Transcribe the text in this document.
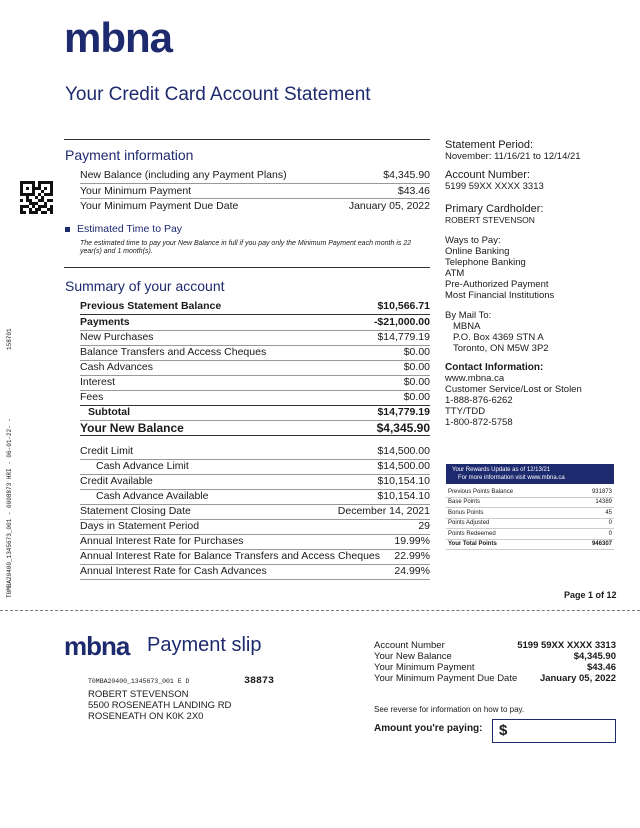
mbna
Your Credit Card Account Statement
T0MBA20400_1345673_001 - 0008873 HRI - 06-01-22- -
158701
Payment information
New Balance (including any Payment Plans)	$4,345.90
Your Minimum Payment	$43.46
Your Minimum Payment Due Date	January 05, 2022
Estimated Time to Pay
The estimated time to pay your New Balance in full if you pay only the Minimum Payment each month is 22 year(s) and 1 month(s).
Summary of your account
Previous Statement Balance	$10,566.71
Payments	-$21,000.00
New Purchases	$14,779.19
Balance Transfers and Access Cheques	$0.00
Cash Advances	$0.00
Interest	$0.00
Fees	$0.00
Subtotal	$14,779.19
Your New Balance	$4,345.90
Credit Limit	$14,500.00
Cash Advance Limit	$14,500.00
Credit Available	$10,154.10
Cash Advance Available	$10,154.10
Statement Closing Date	December 14, 2021
Days in Statement Period	29
Annual Interest Rate for Purchases	19.99%
Annual Interest Rate for Balance Transfers and Access Cheques 22.99%
Annual Interest Rate for Cash Advances	24.99%
Statement Period:
November: 11/16/21 to 12/14/21
Account Number:
5199 59XX XXXX 3313
Primary Cardholder:
ROBERT STEVENSON
Ways to Pay:
Online Banking
Telephone Banking
ATM
Pre-Authorized Payment
Most Financial Institutions
By Mail To:
MBNA
P.O. Box 4369 STN A
Toronto, ON M5W 3P2
Contact Information:
www.mbna.ca
Customer Service/Lost or Stolen
1-888-876-6262
TTY/TDD
1-800-872-5758
Your Rewards Update as of 12/13/21
For more information visit www.mbna.ca
Previous Points Balance	931873
Base Points	14389
Bonus Points	45
Points Adjusted	0
Points Redeemed	0
Your Total Points	946307
Page 1 of 12
mbna Payment slip
T0MBA20400_1345673_001 E D	38873
ROBERT STEVENSON
5500 ROSENEATH LANDING RD
ROSENEATH ON K0K 2X0
Account Number	5199 59XX XXXX 3313
Your New Balance	$4,345.90
Your Minimum Payment	$43.46
Your Minimum Payment Due Date January 05, 2022
See reverse for information on how to pay.
Amount you're paying:	$
